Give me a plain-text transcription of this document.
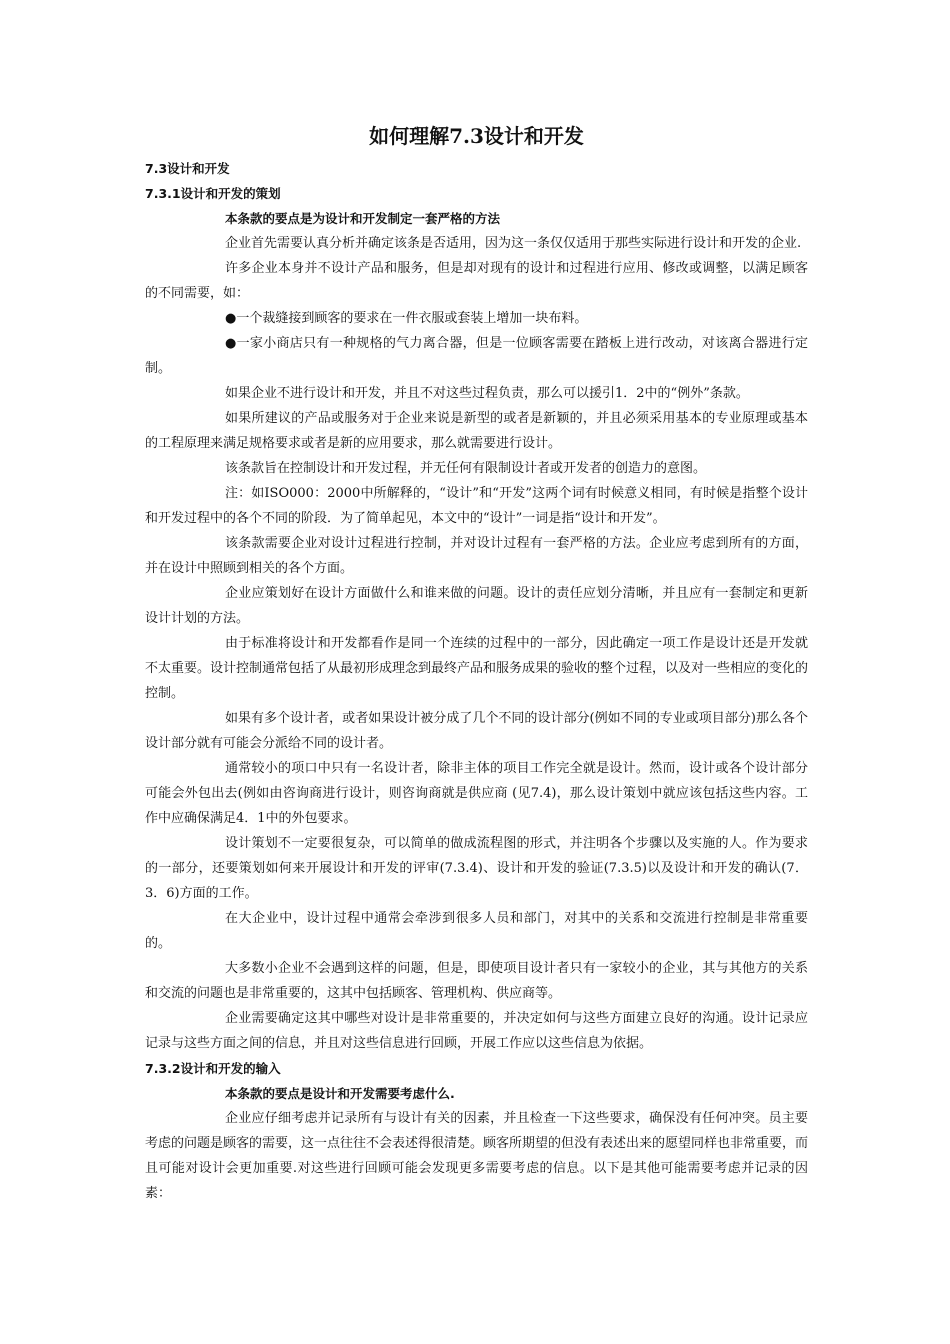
如何理解7.3设计和开发
7.3设计和开发
7.3.1设计和开发的策划
本条款的要点是为设计和开发制定一套严格的方法

企业首先需要认真分析并确定该条是否适用，因为这一条仅仅适用于那些实际进行设计和开发的企业.

许多企业本身并不设计产品和服务，但是却对现有的设计和过程进行应用、修改或调整，以满足顾客的不同需要，如：

●一个裁缝接到顾客的要求在一件衣服或套装上增加一块布料。

●一家小商店只有一种规格的气力离合器，但是一位顾客需要在踏板上进行改动，对该离合器进行定制。

如果企业不进行设计和开发，并且不对这些过程负责，那么可以援引1．2中的“例外”条款。

如果所建议的产品或服务对于企业来说是新型的或者是新颖的，并且必须采用基本的专业原理或基本的工程原理来满足规格要求或者是新的应用要求，那么就需要进行设计。

该条款旨在控制设计和开发过程，并无任何有限制设计者或开发者的创造力的意图。

注：如ISO000：2000中所解释的，“设计”和“开发”这两个词有时候意义相同，有时候是指整个设计和开发过程中的各个不同的阶段．为了简单起见，本文中的“设计”一词是指“设计和开发”。

该条款需要企业对设计过程进行控制，并对设计过程有一套严格的方法。企业应考虑到所有的方面，并在设计中照顾到相关的各个方面。

企业应策划好在设计方面做什么和谁来做的问题。设计的责任应划分清晰，并且应有一套制定和更新设计计划的方法。

由于标准将设计和开发都看作是同一个连续的过程中的一部分，因此确定一项工作是设计还是开发就不太重要。设计控制通常包括了从最初形成理念到最终产品和服务成果的验收的整个过程，以及对一些相应的变化的控制。

如果有多个设计者，或者如果设计被分成了几个不同的设计部分(例如不同的专业或项目部分)那么各个设计部分就有可能会分派给不同的设计者。

通常较小的项口中只有一名设计者，除非主体的项目工作完全就是设计。然而，设计或各个设计部分可能会外包出去(例如由咨询商进行设计，则咨询商就是供应商 (见7.4)，那么设计策划中就应该包括这些内容。工作中应确保满足4．1中的外包要求。

设计策划不一定要很复杂，可以简单的做成流程图的形式，并注明各个步骤以及实施的人。作为要求的一部分，还要策划如何来开展设计和开发的评审(7.3.4)、设计和开发的验证(7.3.5)以及设计和开发的确认(7．3．6)方面的工作。

在大企业中，设计过程中通常会牵涉到很多人员和部门，对其中的关系和交流进行控制是非常重要的。

大多数小企业不会遇到这样的问题，但是，即使项目设计者只有一家较小的企业，其与其他方的关系和交流的问题也是非常重要的，这其中包括顾客、管理机构、供应商等。

企业需要确定这其中哪些对设计是非常重要的，并决定如何与这些方面建立良好的沟通。设计记录应记录与这些方面之间的信息，并且对这些信息进行回顾，开展工作应以这些信息为依据。

7.3.2设计和开发的输入
本条款的要点是设计和开发需要考虑什么.

企业应仔细考虑并记录所有与设计有关的因素，并且检查一下这些要求，确保没有任何冲突。员主要考虑的问题是顾客的需要，这一点往往不会表述得很清楚。顾客所期望的但没有表述出来的愿望同样也非常重要，而且可能对设计会更加重要.对这些进行回顾可能会发现更多需要考虑的信息。以下是其他可能需要考虑并记录的因素：
